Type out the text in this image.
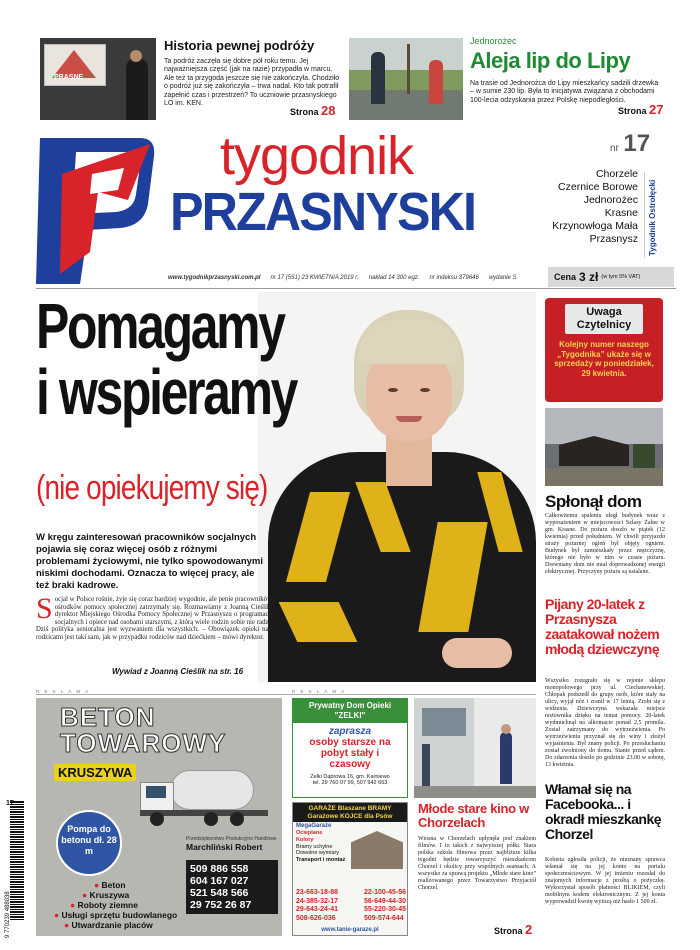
PRASNE
Historia pewnej podróży
Ta podróż zaczęła się dobre pół roku temu. Jej najważniejsza część (jak na razie) przypadła w marcu. Ale też ta przygoda jeszcze się nie zakończyła. Chodziło o podróż już się zakończyła – trwa nadal. Kto tak potrafił zapełnić czas i przestrzeń? To uczniowie przasnyskiego LO im. KEN.
Strona 28
Jednorożec
Aleja lip do Lipy
Na trasie od Jednorożca do Lipy mieszkańcy sadzili drzewka – w sumie 230 lip. Była to inicjatywa związana z obchodami 100-lecia odzyskania przez Polskę niepodległości.
Strona 27
tygodnik
PRZASNYSKI
nr 17
Chorzele
Czernice Borowe
Jednorożec
Krasne
Krzynowłoga Mała
Przasnysz Tygodnik Ostrołęcki
www.tygodnikprzasnyski.com.pl nr 17 (551) 23 KWIETNIA 2019 r. nakład 14 300 egz. nr indeksu 379646 wydanie S	Cena 3 zł (w tym 5% VAT)
Pomagamy
i wspieramy
(nie opiekujemy się)
W kręgu zainteresowań pracowników socjalnych pojawia się coraz więcej osób z różnymi problemami życiowymi, nie tylko spowodowanymi niskimi dochodami. Oznacza to więcej pracy, ale też braki kadrowe.
S ocjal w Polsce rośnie, żyje się coraz bardziej wygodnie, ale penie pracowników ośrodków pomocy społecznej zatrzymały się. Rozmawiamy z Joanną Cieślik, dyrektor Miejskiego Ośrodka Pomocy Społecznej w Przasnyszu o programach socjalnych i opiece nad osobami starszymi, z którą wiele rodzin sobie nie radzi. Dziś polityka senioralna jest wyzwaniem dla wszystkich. – Obowiązek opieki nad rodzicami jest taki sam, jak w przypadku rodziców nad dziećkiem – mówi dyrektor.
Wywiad z Joanną Cieślik na str. 16
Uwaga Czytelnicy
Kolejny numer naszego „Tygodnika” ukaże się w sprzedaży w poniedziałek, 29 kwietnia.
Spłonął dom
Całkowitemu spaleniu uległ budynek wraz z wyposażeniem w miejscowości Szlasy Żalne w gm. Krasne. Do pożaru doszło w piątek (12 kwietnia) przed południem. W chwili przyjazdu straży pożarnej ogień był objęty ogniem. Budynek był zamieszkały przez mężczyznę, którego nie było w nim w czasie pożaru. Drewniany dom nie miał doprowadzonej energii elektrycznej. Przyczyny pożaru są ustalane.
Pijany 20-latek z Przasnysza zaatakował nożem młodą dziewczynę
Wszystko rozegrało się w rejonie sklepu monopolowego przy ul. Ciechanowskiej. Chłopak podszedł do grupy osób, które stały na ulicy, wyjął nóż i zranił w 17 letnią. Zrobi się z widzenia. Dziewczyna wskazała miejsce nożownika dzięku na temat pomocy. 20-latek wydmuchnął na alkomacie ponad 2,5 promila. Został zatrzymany do wytrzeźwienia. Po wytrzeźwieniu przyznał się do winy i złożył wyjaśnienia. Był znany policji. Po przesłuchaniu został zwolniony do domu. Stanie przed sądem. Do zdarzenia doszło po godzinie 23.00 w sobotę, 13 kwietnia.
Włamał się na Facebooka... i okradł mieszkankę Chorzel
Kobieta zgłosiła policji, że nieznany sprawca włamał się na jej konto na portalu społecznościowym. W jej imieniu rozesłał do znajomych informacje z prośbą o pożyczkę. Wykorzystał sposób płatności BLIKIEM, czyli mobilnym kodem elektronicznym. Z jej konta wyprowadził kwotę wyższą niż hasło 1 500 zł.
R E K L A M A	R E K L A M A
BETON
TOWAROWY
KRUSZYWA
Pompa do betonu dł. 28 m
● Beton
● Kruszywa
● Roboty ziemne
● Usługi sprzętu budowlanego
● Utwardzanie placów
Przedsiębiorstwo Produkcyjno Handlowe
Marchliński Robert
509 886 558
604 167 027
521 548 566
29 752 26 87
9 770239 488038
17
Prywatny Dom Opieki "ZELKI"
zaprasza
osoby starsze na pobyt stały i czasowy
Zelki Dąbrowa 16, gm. Karniewo
tel. 29 760 07 99, 507 942 663
GARAŻE Blaszane BRAMY Garażowe KOJCE dla Psów
MegaGaraże
Ocieplane
Kolory
Bramy uchylne
Dowolne wymiary
Transport i montaż
23-663-18-88
24-385-32-17
29-643-24-41
508-626-036
22-100-45-56
56-649-44-30
55-220-30-45
509-574-644
www.tanie-garaze.pl
Młode stare kino w Chorzelach
Wiosna w Chorzelach upłynęła pod znakiem filmów. I to takich z najwyższej półki. Stara polska szkoła filmowa przez najbliższe kilka tygodni będzie towarzyszyć mieszkańcom Chorzel i okolicy przy wspólnych seansach. A wszystko za sprawą projektu „Młode stare kino” realizowanego przez Towarzystwo Przyjaciół Chorzel.
Strona 2
